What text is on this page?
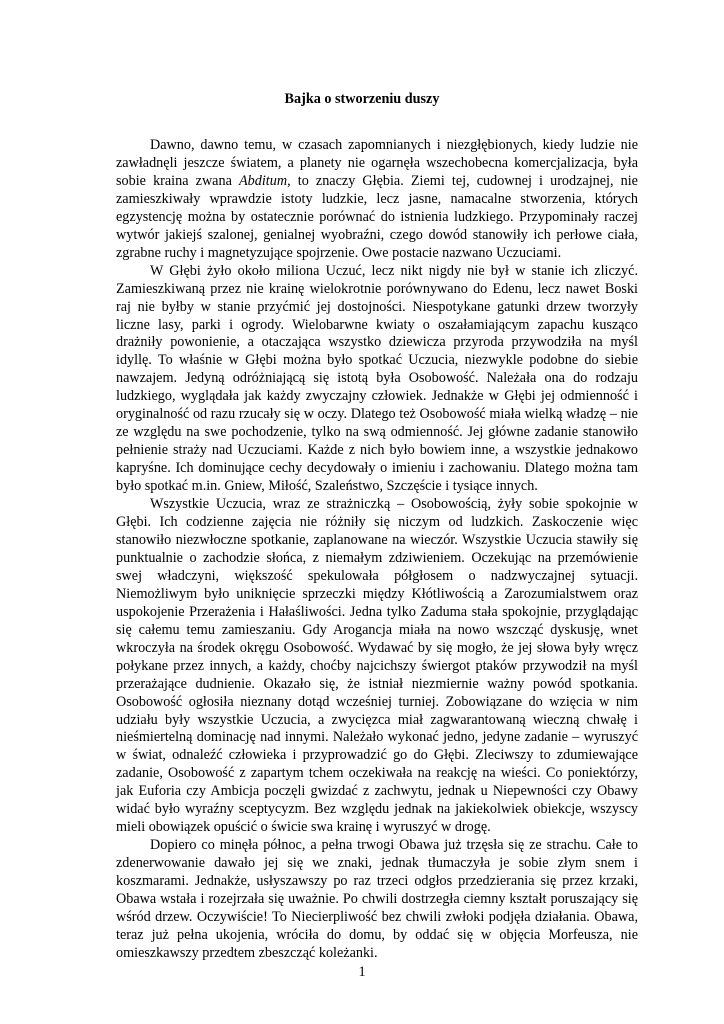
Bajka o stworzeniu duszy

Dawno, dawno temu, w czasach zapomnianych i niezgłębionych, kiedy ludzie nie zawładnęli jeszcze światem, a planety nie ogarnęła wszechobecna komercjalizacja, była sobie kraina zwana Abditum, to znaczy Głębia. Ziemi tej, cudownej i urodzajnej, nie zamieszkiwały wprawdzie istoty ludzkie, lecz jasne, namacalne stworzenia, których egzystencję można by ostatecznie porównać do istnienia ludzkiego. Przypominały raczej wytwór jakiejś szalonej, genialnej wyobraźni, czego dowód stanowiły ich perłowe ciała, zgrabne ruchy i magnetyzujące spojrzenie. Owe postacie nazwano Uczuciami.

W Głębi żyło około miliona Uczuć, lecz nikt nigdy nie był w stanie ich zliczyć. Zamieszkiwaną przez nie krainę wielokrotnie porównywano do Edenu, lecz nawet Boski raj nie byłby w stanie przyćmić jej dostojności. Niespotykane gatunki drzew tworzyły liczne lasy, parki i ogrody. Wielobarwne kwiaty o oszałamiającym zapachu kusząco drażniły powonienie, a otaczająca wszystko dziewicza przyroda przywodziła na myśl idyllę. To właśnie w Głębi można było spotkać Uczucia, niezwykle podobne do siebie nawzajem. Jedyną odróżniającą się istotą była Osobowość. Należała ona do rodzaju ludzkiego, wyglądała jak każdy zwyczajny człowiek. Jednakże w Głębi jej odmienność i oryginalność od razu rzucały się w oczy. Dlatego też Osobowość miała wielką władzę – nie ze względu na swe pochodzenie, tylko na swą odmienność. Jej główne zadanie stanowiło pełnienie straży nad Uczuciami. Każde z nich było bowiem inne, a wszystkie jednakowo kapryśne. Ich dominujące cechy decydowały o imieniu i zachowaniu. Dlatego można tam było spotkać m.in. Gniew, Miłość, Szaleństwo, Szczęście i tysiące innych.

Wszystkie Uczucia, wraz ze strażniczką – Osobowością, żyły sobie spokojnie w Głębi. Ich codzienne zajęcia nie różniły się niczym od ludzkich. Zaskoczenie więc stanowiło niezwłoczne spotkanie, zaplanowane na wieczór. Wszystkie Uczucia stawiły się punktualnie o zachodzie słońca, z niemałym zdziwieniem. Oczekując na przemówienie swej władczyni, większość spekulowała półgłosem o nadzwyczajnej sytuacji. Niemożliwym było uniknięcie sprzeczki między Kłótliwością a Zarozumialstwem oraz uspokojenie Przerażenia i Hałaśliwości. Jedna tylko Zaduma stała spokojnie, przyglądając się całemu temu zamieszaniu. Gdy Arogancja miała na nowo wszcząć dyskusję, wnet wkroczyła na środek okręgu Osobowość. Wydawać by się mogło, że jej słowa były wręcz połykane przez innych, a każdy, choćby najcichszy świergot ptaków przywodził na myśl przerażające dudnienie. Okazało się, że istniał niezmiernie ważny powód spotkania. Osobowość ogłosiła nieznany dotąd wcześniej turniej. Zobowiązane do wzięcia w nim udziału były wszystkie Uczucia, a zwycięzca miał zagwarantowaną wieczną chwałę i nieśmiertelną dominację nad innymi. Należało wykonać jedno, jedyne zadanie – wyruszyć w świat, odnaleźć człowieka i przyprowadzić go do Głębi. Zleciwszy to zdumiewające zadanie, Osobowość z zapartym tchem oczekiwała na reakcję na wieści. Co poniektórzy, jak Euforia czy Ambicja poczęli gwizdać z zachwytu, jednak u Niepewności czy Obawy widać było wyraźny sceptycyzm. Bez względu jednak na jakiekolwiek obiekcje, wszyscy mieli obowiązek opuścić o świcie swa krainę i wyruszyć w drogę.

Dopiero co minęła północ, a pełna trwogi Obawa już trzęsła się ze strachu. Całe to zdenerwowanie dawało jej się we znaki, jednak tłumaczyła je sobie złym snem i koszmarami. Jednakże, usłyszawszy po raz trzeci odgłos przedzierania się przez krzaki, Obawa wstała i rozejrzała się uważnie. Po chwili dostrzegła ciemny kształt poruszający się wśród drzew. Oczywiście! To Niecierpliwość bez chwili zwłoki podjęła działania. Obawa, teraz już pełna ukojenia, wróciła do domu, by oddać się w objęcia Morfeusza, nie omieszkawszy przedtem zbeszcząć koleżanki.

1
